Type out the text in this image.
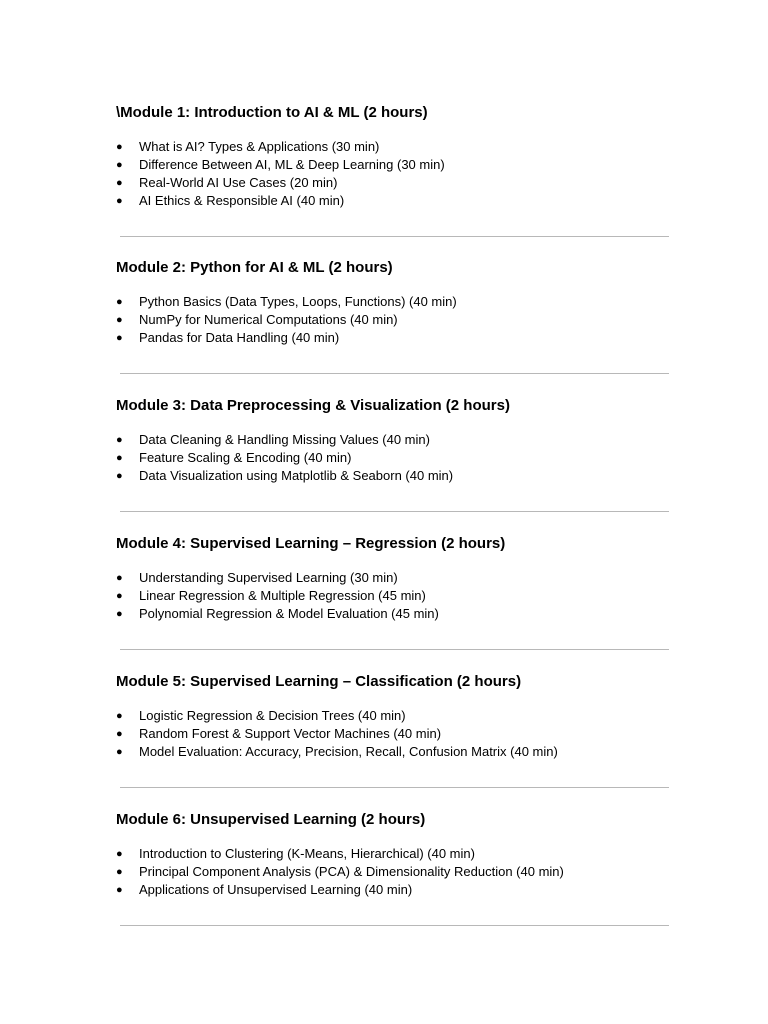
\Module 1: Introduction to AI & ML (2 hours)
● What is AI? Types & Applications (30 min)
● Difference Between AI, ML & Deep Learning (30 min)
● Real-World AI Use Cases (20 min)
● AI Ethics & Responsible AI (40 min)
Module 2: Python for AI & ML (2 hours)
● Python Basics (Data Types, Loops, Functions) (40 min)
● NumPy for Numerical Computations (40 min)
● Pandas for Data Handling (40 min)
Module 3: Data Preprocessing & Visualization (2 hours)
● Data Cleaning & Handling Missing Values (40 min)
● Feature Scaling & Encoding (40 min)
● Data Visualization using Matplotlib & Seaborn (40 min)
Module 4: Supervised Learning – Regression (2 hours)
● Understanding Supervised Learning (30 min)
● Linear Regression & Multiple Regression (45 min)
● Polynomial Regression & Model Evaluation (45 min)
Module 5: Supervised Learning – Classification (2 hours)
● Logistic Regression & Decision Trees (40 min)
● Random Forest & Support Vector Machines (40 min)
● Model Evaluation: Accuracy, Precision, Recall, Confusion Matrix (40 min)
Module 6: Unsupervised Learning (2 hours)
● Introduction to Clustering (K-Means, Hierarchical) (40 min)
● Principal Component Analysis (PCA) & Dimensionality Reduction (40 min)
● Applications of Unsupervised Learning (40 min)
